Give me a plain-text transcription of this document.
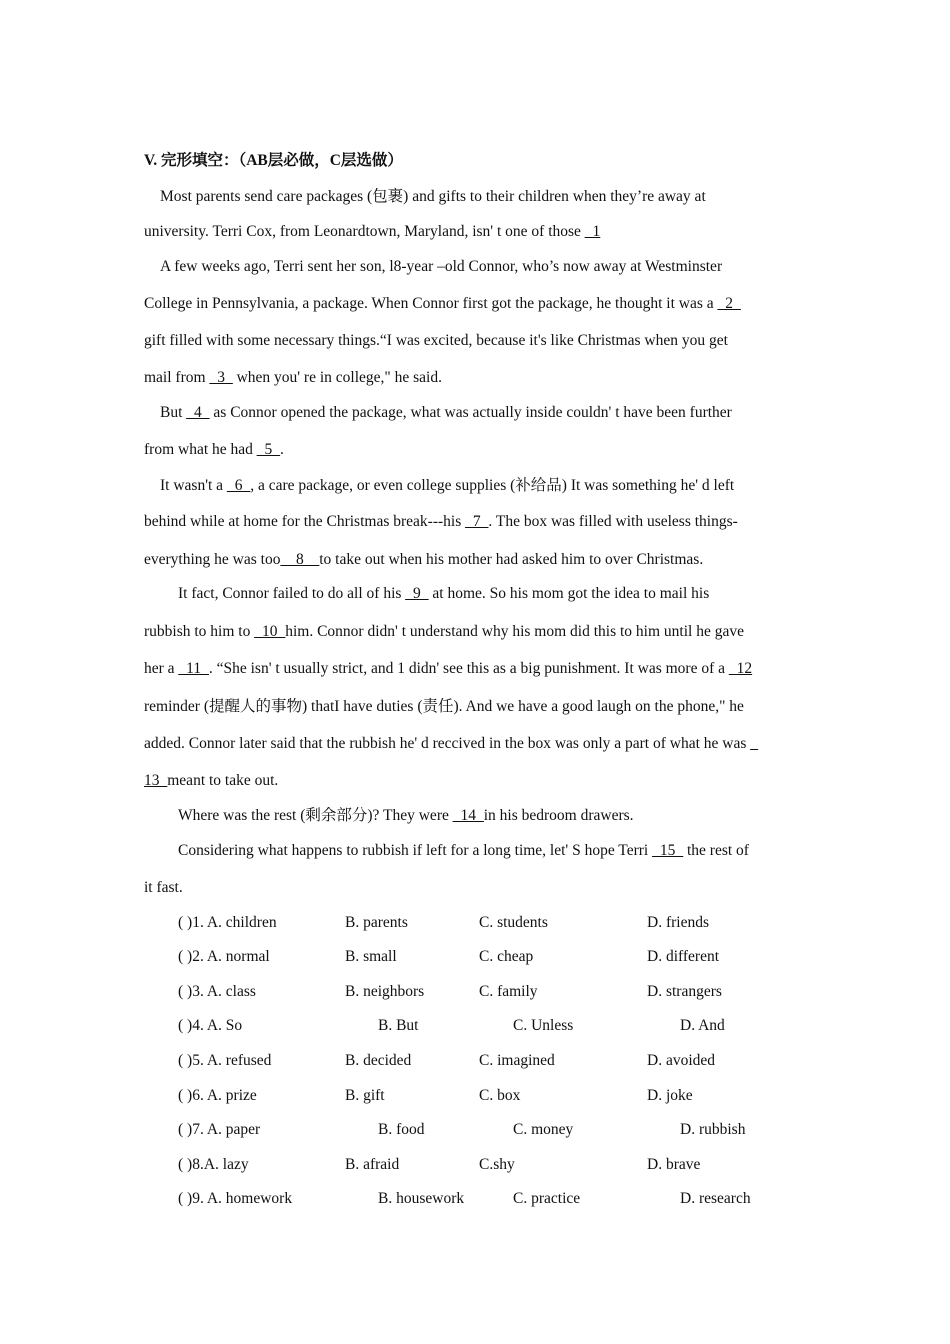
V. 完形填空：（AB层必做，C层选做）
Most parents send care packages (包裹) and gifts to their children when they’re away at
university. Terri Cox, from Leonardtown, Maryland, isn' t one of those _1
A few weeks ago, Terri sent her son, l8-year –old Connor, who’s now away at Westminster
College in Pennsylvania, a package. When Connor first got the package, he thought it was a _2_
gift filled with some necessary things.“I was excited, because it's like Christmas when you get
mail from _3_ when you' re in college," he said.
But _4_ as Connor opened the package, what was actually inside couldn' t have been further
from what he had _5_.
It wasn't a _6_, a care package, or even college supplies (补给品) It was something he' d left
behind while at home for the Christmas break---his _7_. The box was filled with useless things-
everything he was too__8__to take out when his mother had asked him to over Christmas.
It fact, Connor failed to do all of his _9_ at home. So his mom got the idea to mail his
rubbish to him to _10_him. Connor didn' t understand why his mom did this to him until he gave
her a _11_. “She isn' t usually strict, and 1 didn' see this as a big punishment. It was more of a _12
reminder (提醒人的事物) thatI have duties (责任). And we have a good laugh on the phone," he
added. Connor later said that the rubbish he' d reccived in the box was only a part of what he was _
13_meant to take out.
Where was the rest (剩余部分)? They were _14_in his bedroom drawers.
Considering what happens to rubbish if left for a long time, let' S hope Terri _15_ the rest of
it fast.
( )1. A. children	B. parents	C. students	D. friends
( )2. A. normal	B. small	C. cheap	D. different
( )3. A. class	B. neighbors	C. family	D. strangers
( )4. A. So	B. But	C. Unless	D. And
( )5. A. refused	B. decided	C. imagined	D. avoided
( )6. A. prize	B. gift	C. box	D. joke
( )7. A. paper	B. food	C. money	D. rubbish
( )8.A. lazy	B. afraid	C.shy	D. brave
( )9. A. homework	B. housework	C. practice	D. research
